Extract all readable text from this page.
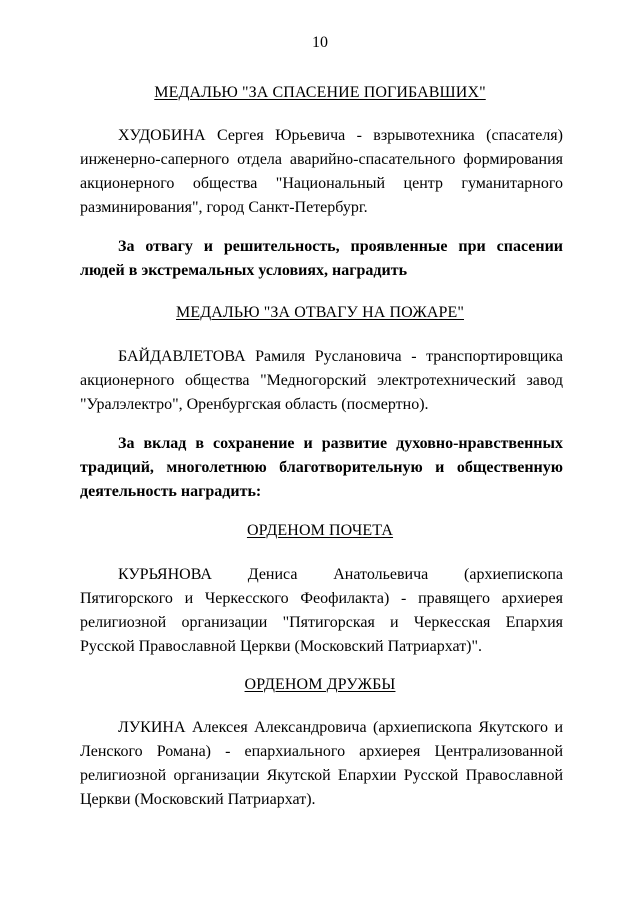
10
МЕДАЛЬЮ "ЗА СПАСЕНИЕ ПОГИБАВШИХ"

ХУДОБИНА Сергея Юрьевича - взрывотехника (спасателя) инженерно-саперного отдела аварийно-спасательного формирования акционерного общества "Национальный центр гуманитарного разминирования", город Санкт-Петербург.

За отвагу и решительность, проявленные при спасении людей в экстремальных условиях, наградить

МЕДАЛЬЮ "ЗА ОТВАГУ НА ПОЖАРЕ"

БАЙДАВЛЕТОВА Рамиля Руслановича - транспортировщика акционерного общества "Медногорский электротехнический завод "Уралэлектро", Оренбургская область (посмертно).

За вклад в сохранение и развитие духовно-нравственных традиций, многолетнюю благотворительную и общественную деятельность наградить:

ОРДЕНОМ ПОЧЕТА

КУРЬЯНОВА Дениса Анатольевича (архиепископа Пятигорского и Черкесского Феофилакта) - правящего архиерея религиозной организации "Пятигорская и Черкесская Епархия Русской Православной Церкви (Московский Патриархат)".

ОРДЕНОМ ДРУЖБЫ

ЛУКИНА Алексея Александровича (архиепископа Якутского и Ленского Романа) - епархиального архиерея Централизованной религиозной организации Якутской Епархии Русской Православной Церкви (Московский Патриархат).
